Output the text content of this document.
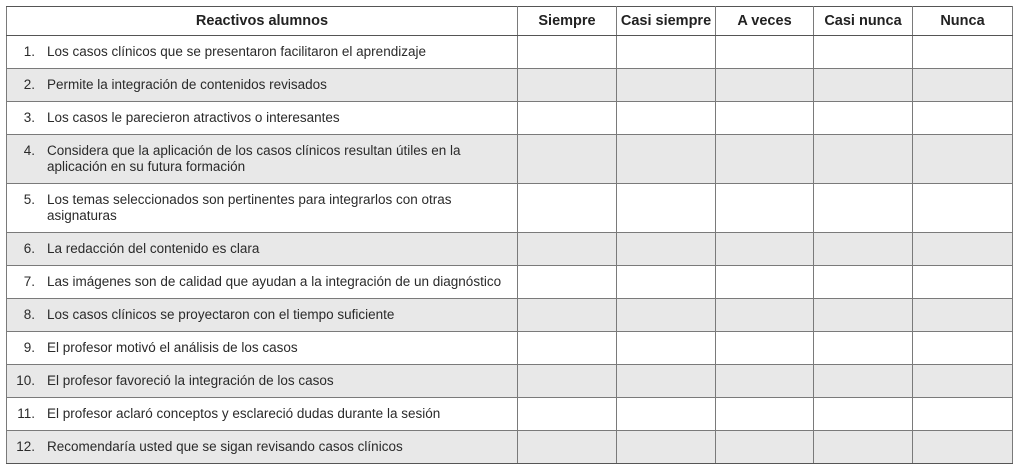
Reactivos alumnos	Siempre	Casi siempre	A veces	Casi nunca	Nunca

1. Los casos clínicos que se presentaron facilitaron el aprendizaje					

2. Permite la integración de contenidos revisados					

3. Los casos le parecieron atractivos o interesantes					

4. Considera que la aplicación de los casos clínicos resultan útiles en la aplicación en su futura formación					

5. Los temas seleccionados son pertinentes para integrarlos con otras asignaturas					

6. La redacción del contenido es clara					

7. Las imágenes son de calidad que ayudan a la integración de un diagnóstico					

8. Los casos clínicos se proyectaron con el tiempo suficiente					

9. El profesor motivó el análisis de los casos					

10. El profesor favoreció la integración de los casos					

11. El profesor aclaró conceptos y esclareció dudas durante la sesión					

12. Recomendaría usted que se sigan revisando casos clínicos					
